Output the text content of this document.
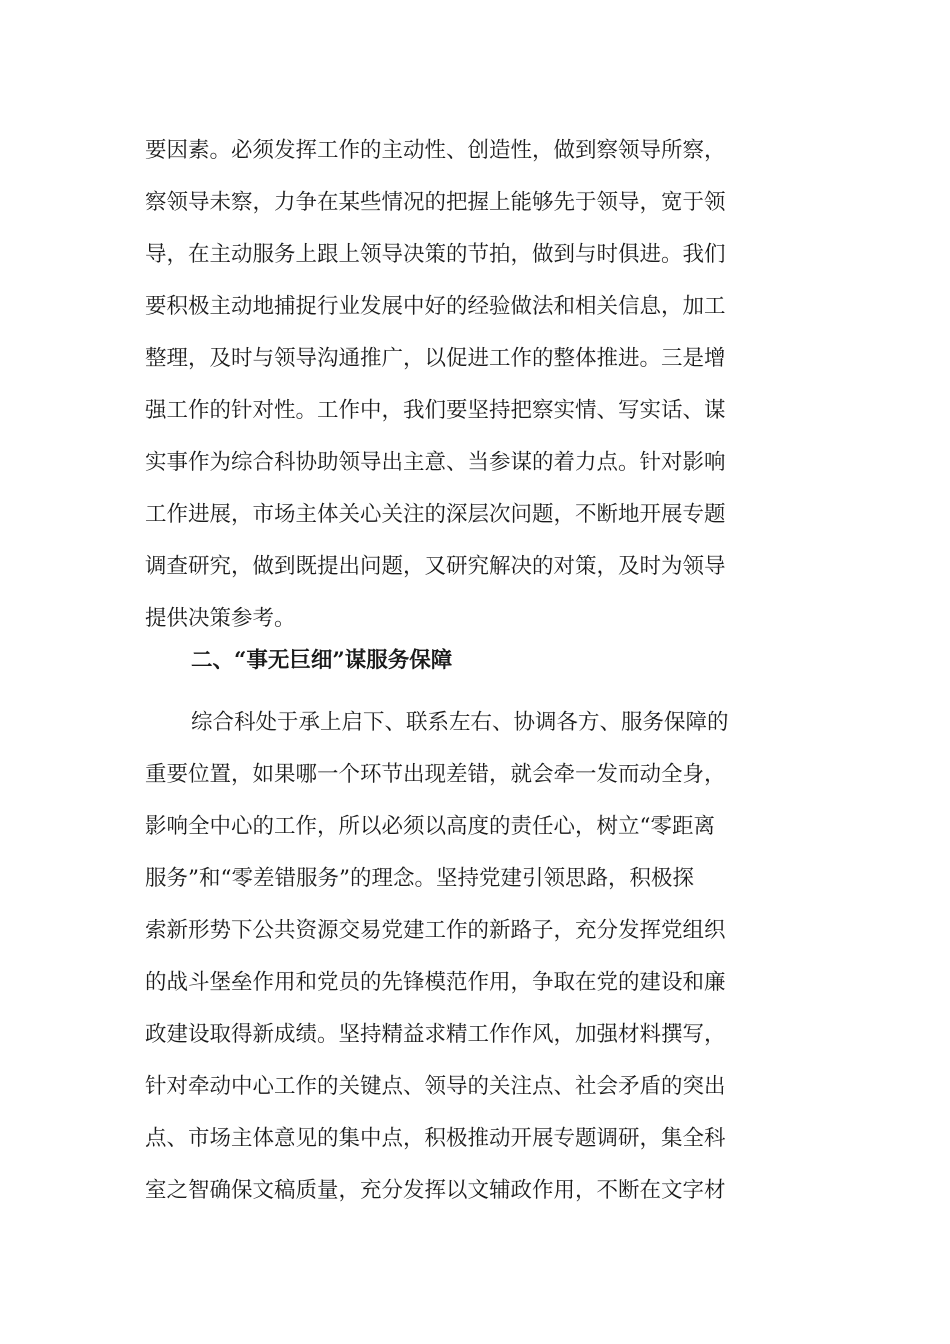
要因素。必须发挥工作的主动性、创造性，做到察领导所察，
察领导未察，力争在某些情况的把握上能够先于领导，宽于领
导，在主动服务上跟上领导决策的节拍，做到与时俱进。我们
要积极主动地捕捉行业发展中好的经验做法和相关信息，加工
整理，及时与领导沟通推广，以促进工作的整体推进。三是增
强工作的针对性。工作中，我们要坚持把察实情、写实话、谋
实事作为综合科协助领导出主意、当参谋的着力点。针对影响
工作进展，市场主体关心关注的深层次问题，不断地开展专题
调查研究，做到既提出问题，又研究解决的对策，及时为领导
提供决策参考。
二、“事无巨细”谋服务保障
综合科处于承上启下、联系左右、协调各方、服务保障的
重要位置，如果哪一个环节出现差错，就会牵一发而动全身，
影响全中心的工作，所以必须以高度的责任心，树立“零距离
服务”和“零差错服务”的理念。坚持党建引领思路，积极探
索新形势下公共资源交易党建工作的新路子，充分发挥党组织
的战斗堡垒作用和党员的先锋模范作用，争取在党的建设和廉
政建设取得新成绩。坚持精益求精工作作风，加强材料撰写，
针对牵动中心工作的关键点、领导的关注点、社会矛盾的突出
点、市场主体意见的集中点，积极推动开展专题调研，集全科
室之智确保文稿质量，充分发挥以文辅政作用，不断在文字材
